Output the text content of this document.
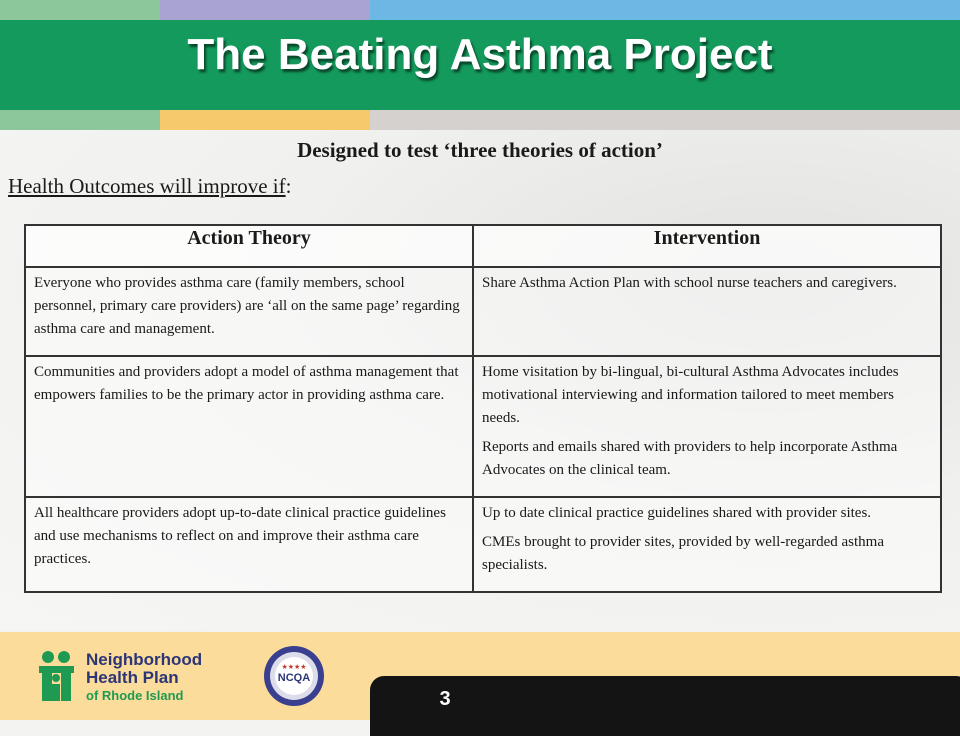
The Beating Asthma Project
Designed to test ‘three theories of action’
Health Outcomes will improve if:
Action Theory	Intervention

Everyone who provides asthma care (family members, school personnel, primary care providers) are ‘all on the same page’ regarding asthma care and management.	Share Asthma Action Plan with school nurse teachers and caregivers.

Communities and providers adopt a model of asthma management that empowers families to be the primary actor in providing asthma care.	Home visitation by bi-lingual, bi-cultural Asthma Advocates includes motivational interviewing and information tailored to meet members needs.

Reports and emails shared with providers to help incorporate Asthma Advocates on the clinical team.

All healthcare providers adopt up-to-date clinical practice guidelines and use mechanisms to reflect on and improve their asthma care practices.	Up to date clinical practice guidelines shared with provider sites.

CMEs brought to provider sites, provided by well-regarded asthma specialists.

Neighborhood
Health Plan
of Rhode Island
★★★★
NCQA
3
